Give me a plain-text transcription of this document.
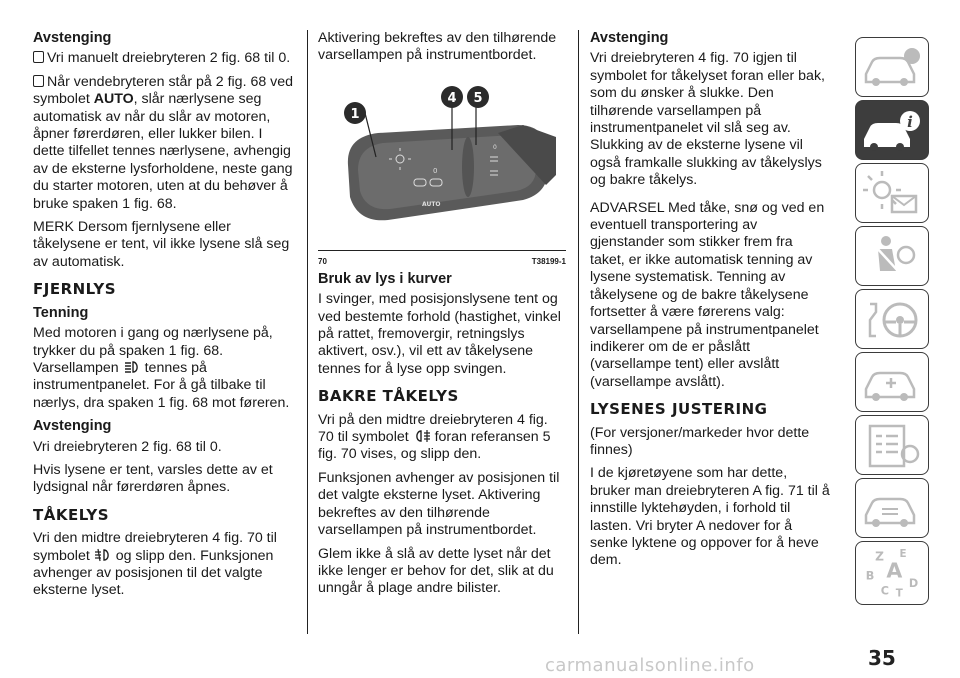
Avstenging

Vri manuelt dreiebryteren 2 fig. 68 til 0.

Når vendebryteren står på 2 fig. 68 ved symbolet AUTO, slår nærlysene seg automatisk av når du slår av motoren, åpner førerdøren, eller lukker bilen. I dette tilfellet tennes nærlysene, avhengig av de eksterne lysforholdene, neste gang du starter motoren, uten at du behøver å bruke spaken 1 fig. 68.

MERK Dersom fjernlysene eller tåkelysene er tent, vil ikke lysene slå seg av automatisk.

FJERNLYS
Tenning

Med motoren i gang og nærlysene på, trykker du på spaken 1 fig. 68. Varsellampen tennes på instrumentpanelet. For å gå tilbake til nærlys, dra spaken 1 fig. 68 mot føreren.

Avstenging

Vri dreiebryteren 2 fig. 68 til 0.

Hvis lysene er tent, varsles dette av et lydsignal når førerdøren åpnes.

TÅKELYS

Vri den midtre dreiebryteren 4 fig. 70 til symbolet og slipp den. Funksjonen avhenger av posisjonen til det valgte eksterne lyset.

Aktivering bekreftes av den tilhørende varsellampen på instrumentbordet.

0
AUTO
0
1
4 5
70	T38199-1
Bruk av lys i kurver

I svinger, med posisjonslysene tent og ved bestemte forhold (hastighet, vinkel på rattet, fremovergir, retningslys aktivert, osv.), vil ett av tåkelysene tennes for å lyse opp svingen.

BAKRE TÅKELYS

Vri på den midtre dreiebryteren 4 fig. 70 til symbolet foran referansen 5 fig. 70 vises, og slipp den.

Funksjonen avhenger av posisjonen til det valgte eksterne lyset. Aktivering bekreftes av den tilhørende varsellampen på instrumentbordet.

Glem ikke å slå av dette lyset når det ikke lenger er behov for det, slik at du unngår å plage andre bilister.

Avstenging

Vri dreiebryteren 4 fig. 70 igjen til symbolet for tåkelyset foran eller bak, som du ønsker å slukke. Den tilhørende varsellampen på instrumentpanelet vil slå seg av. Slukking av de eksterne lysene vil også framkalle slukking av tåkelyslys og bakre tåkelys.

ADVARSEL Med tåke, snø og ved en eventuell transportering av gjenstander som stikker frem fra taket, er ikke automatisk tenning av lysene systematisk. Tenning av tåkelysene og de bakre tåkelysene fortsetter å være førerens valg: varsellampene på instrumentpanelet indikerer om de er påslått (varsellampe tent) eller avslått (varsellampe avslått).

LYSENES JUSTERING

(For versjoner/markeder hvor dette finnes)

I de kjøretøyene som har dette, bruker man dreiebryteren A fig. 71 til å innstille lyktehøyden, i forhold til lasten. Vri bryter A nedover for å senke lyktene og oppover for å heve dem.

i
Z E
B A
C
D
T
35
carmanualsonline.info
